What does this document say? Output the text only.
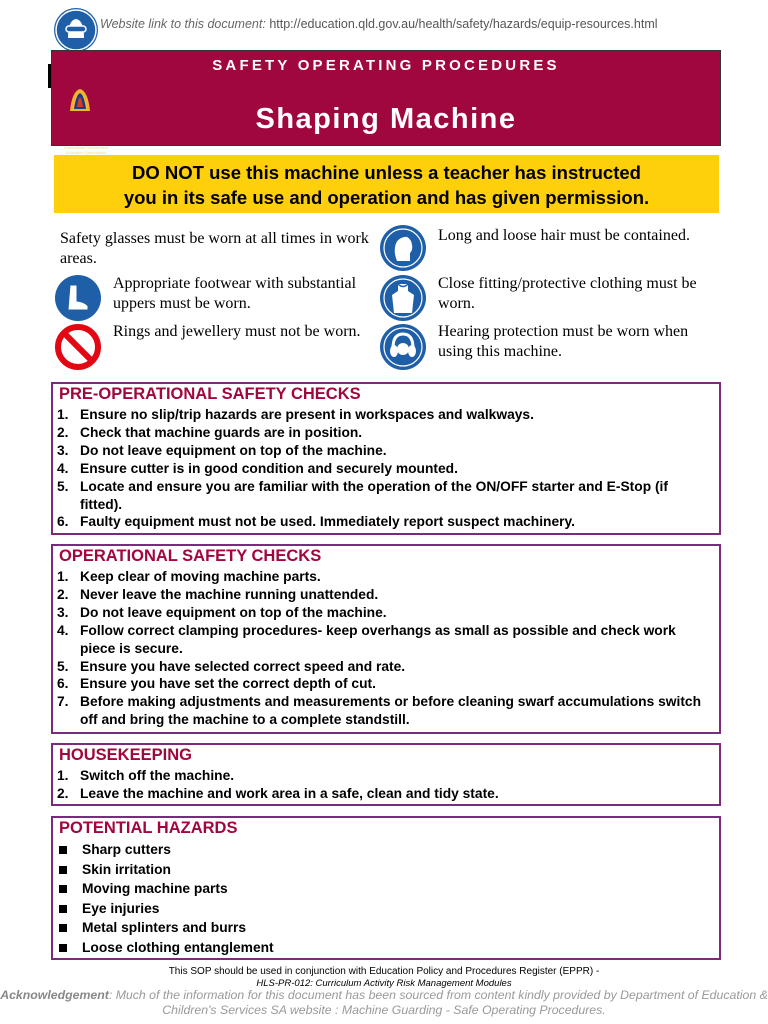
Website link to this document: http://education.qld.gov.au/health/safety/hazards/equip-resources.html
SAFETY OPERATING PROCEDURES
Queensland Government Education Queensland
Shaping Machine
DO NOT use this machine unless a teacher has instructed
you in its safe use and operation and has given permission.
Safety glasses must be worn at all times in work areas.
Appropriate footwear with substantial uppers must be worn.
Rings and jewellery must not be worn.
Long and loose hair must be contained.
Close fitting/protective clothing must be worn.
Hearing protection must be worn when using this machine.
PRE-OPERATIONAL SAFETY CHECKS
1. Ensure no slip/trip hazards are present in workspaces and walkways.
2. Check that machine guards are in position.
3. Do not leave equipment on top of the machine.
4. Ensure cutter is in good condition and securely mounted.
5. Locate and ensure you are familiar with the operation of the ON/OFF starter and E-Stop (if fitted).
6. Faulty equipment must not be used. Immediately report suspect machinery.
OPERATIONAL SAFETY CHECKS
1. Keep clear of moving machine parts.
2. Never leave the machine running unattended.
3. Do not leave equipment on top of the machine.
4. Follow correct clamping procedures- keep overhangs as small as possible and check work piece is secure.
5. Ensure you have selected correct speed and rate.
6. Ensure you have set the correct depth of cut.
7. Before making adjustments and measurements or before cleaning swarf accumulations switch off and bring the machine to a complete standstill.
HOUSEKEEPING
1. Switch off the machine.
2. Leave the machine and work area in a safe, clean and tidy state.
POTENTIAL HAZARDS
Sharp cutters
Skin irritation
Moving machine parts
Eye injuries
Metal splinters and burrs
Loose clothing entanglement
This SOP should be used in conjunction with Education Policy and Procedures Register (EPPR) -
HLS-PR-012: Curriculum Activity Risk Management Modules
Acknowledgement: Much of the information for this document has been sourced from content kindly provided by Department of Education & Children's Services SA website : Machine Guarding - Safe Operating Procedures.
